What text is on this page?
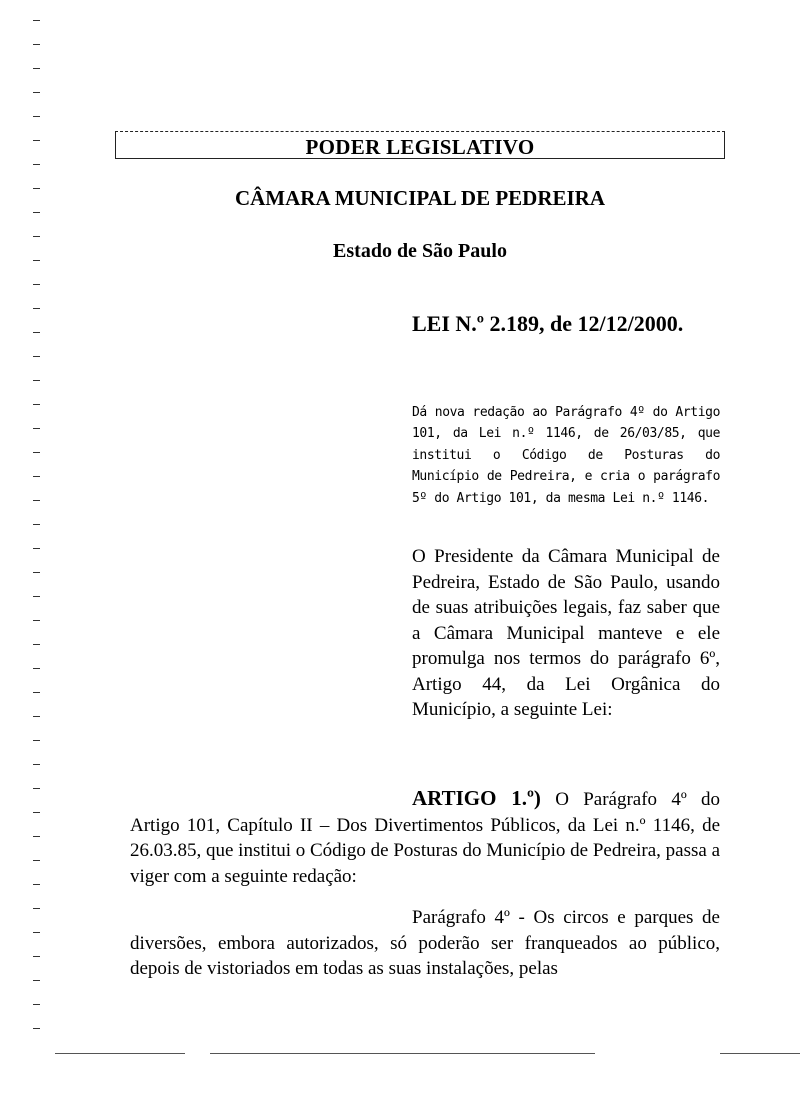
PODER LEGISLATIVO
CÂMARA MUNICIPAL DE PEDREIRA
Estado de São Paulo
LEI N.º 2.189, de 12/12/2000.
Dá nova redação ao Parágrafo 4º do Artigo 101, da Lei n.º 1146, de 26/03/85, que institui o Código de Posturas do Município de Pedreira, e cria o parágrafo 5º do Artigo 101, da mesma Lei n.º 1146.
O Presidente da Câmara Municipal de Pedreira, Estado de São Paulo, usando de suas atribuições legais, faz saber que a Câmara Municipal manteve e ele promulga nos termos do parágrafo 6º, Artigo 44, da Lei Orgânica do Município, a seguinte Lei:
ARTIGO 1.º) O Parágrafo 4º do Artigo 101, Capítulo II – Dos Divertimentos Públicos, da Lei n.º 1146, de 26.03.85, que institui o Código de Posturas do Município de Pedreira, passa a viger com a seguinte redação:
Parágrafo 4º - Os circos e parques de diversões, embora autorizados, só poderão ser franqueados ao público, depois de vistoriados em todas as suas instalações, pelas
